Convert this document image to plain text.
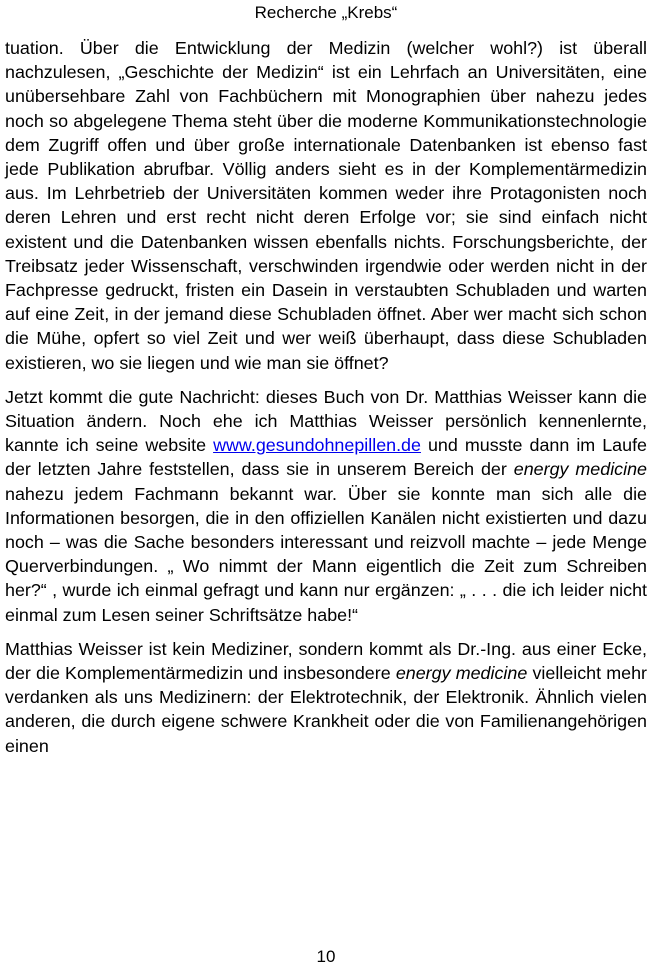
Recherche „Krebs“

tuation. Über die Entwicklung der Medizin (welcher wohl?) ist überall nachzulesen, „Geschichte der Medizin“ ist ein Lehrfach an Universitäten, eine unübersehbare Zahl von Fachbüchern mit Monographien über nahezu jedes noch so abgelegene Thema steht über die moderne Kommunikationstechnologie dem Zugriff offen und über große internationale Datenbanken ist ebenso fast jede Publikation abrufbar. Völlig anders sieht es in der Komplementärmedizin aus. Im Lehrbetrieb der Universitäten kommen weder ihre Protagonisten noch deren Lehren und erst recht nicht deren Erfolge vor; sie sind einfach nicht existent und die Datenbanken wissen ebenfalls nichts. Forschungsberichte, der Treibsatz jeder Wissenschaft, verschwinden irgendwie oder werden nicht in der Fachpresse gedruckt, fristen ein Dasein in verstaubten Schubladen und warten auf eine Zeit, in der jemand diese Schubladen öffnet. Aber wer macht sich schon die Mühe, opfert so viel Zeit und wer weiß überhaupt, dass diese Schubladen existieren, wo sie liegen und wie man sie öffnet?

Jetzt kommt die gute Nachricht: dieses Buch von Dr. Matthias Weisser kann die Situation ändern. Noch ehe ich Matthias Weisser persönlich kennenlernte, kannte ich seine website www.gesundohnepillen.de und musste dann im Laufe der letzten Jahre feststellen, dass sie in unserem Bereich der energy medicine nahezu jedem Fachmann bekannt war. Über sie konnte man sich alle die Informationen besorgen, die in den offiziellen Kanälen nicht existierten und dazu noch – was die Sache besonders interessant und reizvoll machte – jede Menge Querverbindungen. „ Wo nimmt der Mann eigentlich die Zeit zum Schreiben her?“ , wurde ich einmal gefragt und kann nur ergänzen: „ . . . die ich leider nicht einmal zum Lesen seiner Schriftsätze habe!“

Matthias Weisser ist kein Mediziner, sondern kommt als Dr.-Ing. aus einer Ecke, der die Komplementärmedizin und insbesondere energy medicine vielleicht mehr verdanken als uns Medizinern: der Elektrotechnik, der Elektronik. Ähnlich vielen anderen, die durch eigene schwere Krankheit oder die von Familienangehörigen einen

10
